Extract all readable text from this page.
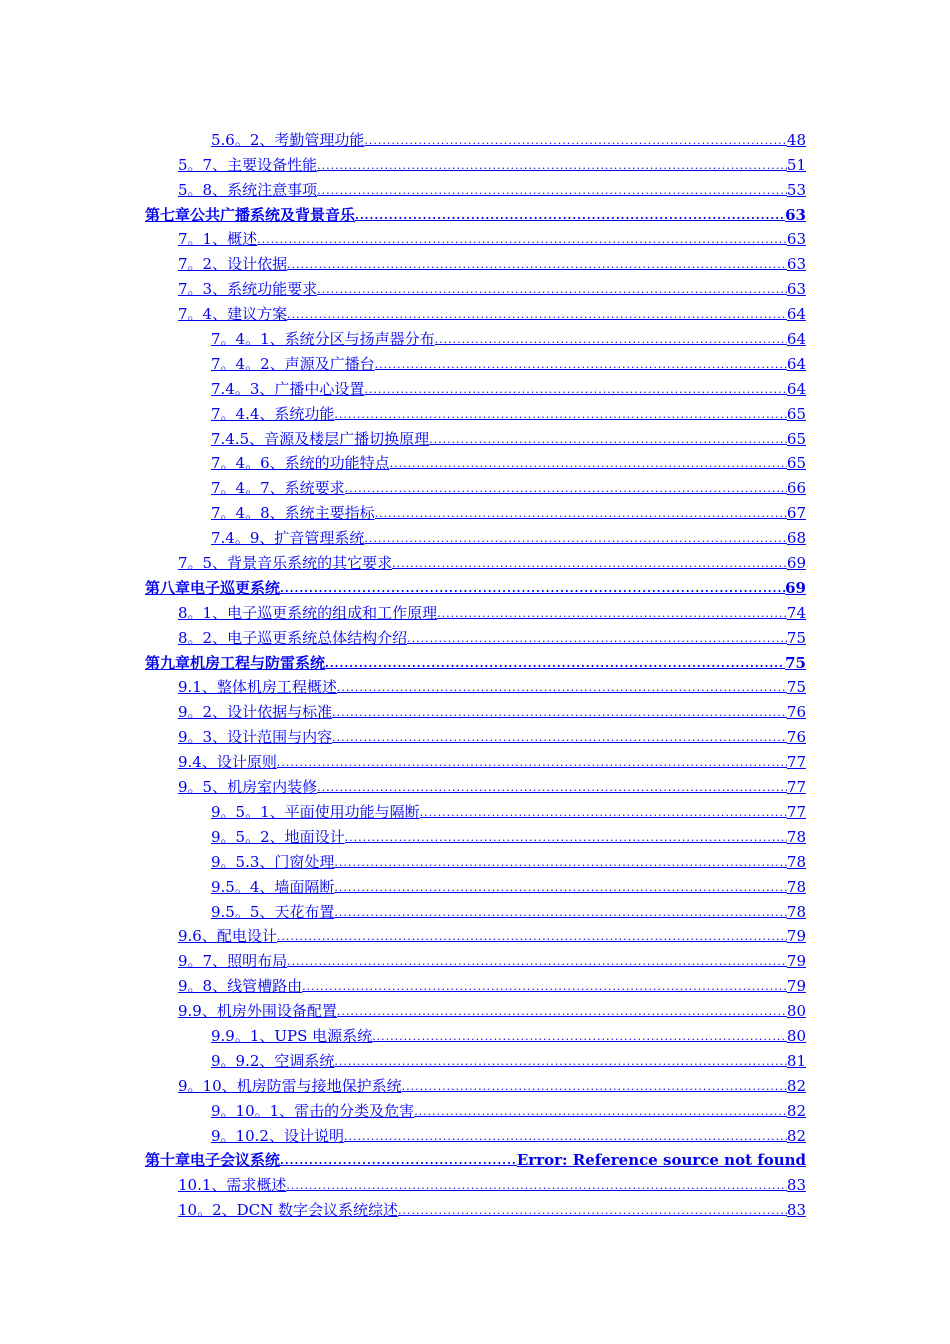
5.6。2、考勤管理功能 .....	48
5。7、主要设备性能 .....	51
5。8、系统注意事项 .....	53
第七章公共广播系统及背景音乐 .....	63
7。1、概述 .....	63
7。2、设计依据 .....	63
7。3、系统功能要求 .....	63
7。4、建议方案 .....	64
7。4。1、系统分区与扬声器分布 .....	64
7。4。2、声源及广播台 .....	64
7.4。3、广播中心设置 .....	64
7。4.4、系统功能 .....	65
7.4.5、音源及楼层广播切换原理 .....	65
7。4。6、系统的功能特点 .....	65
7。4。7、系统要求 .....	66
7。4。8、系统主要指标 .....	67
7.4。9、扩音管理系统 .....	68
7。5、背景音乐系统的其它要求 .....	69
第八章电子巡更系统 .....	69
8。1、电子巡更系统的组成和工作原理 .....	74
8。2、电子巡更系统总体结构介绍 .....	75
第九章机房工程与防雷系统 .....	75
9.1、整体机房工程概述 .....	75
9。2、设计依据与标准 .....	76
9。3、设计范围与内容 .....	76
9.4、设计原则 .....	77
9。5、机房室内装修 .....	77
9。5。1、平面使用功能与隔断 .....	77
9。5。2、地面设计 .....	78
9。5.3、门窗处理 .....	78
9.5。4、墙面隔断 .....	78
9.5。5、天花布置 .....	78
9.6、配电设计 .....	79
9。7、照明布局 .....	79
9。8、线管槽路由 .....	79
9.9、机房外围设备配置 .....	80
9.9。1、UPS 电源系统 .....	80
9。9.2、空调系统 .....	81
9。10、机房防雷与接地保护系统 .....	82
9。10。1、雷击的分类及危害 .....	82
9。10.2、设计说明 .....	82
第十章电子会议系统 .....	Error: Reference source not found
10.1、需求概述 .....	83
10。2、DCN 数字会议系统综述 .....	83
